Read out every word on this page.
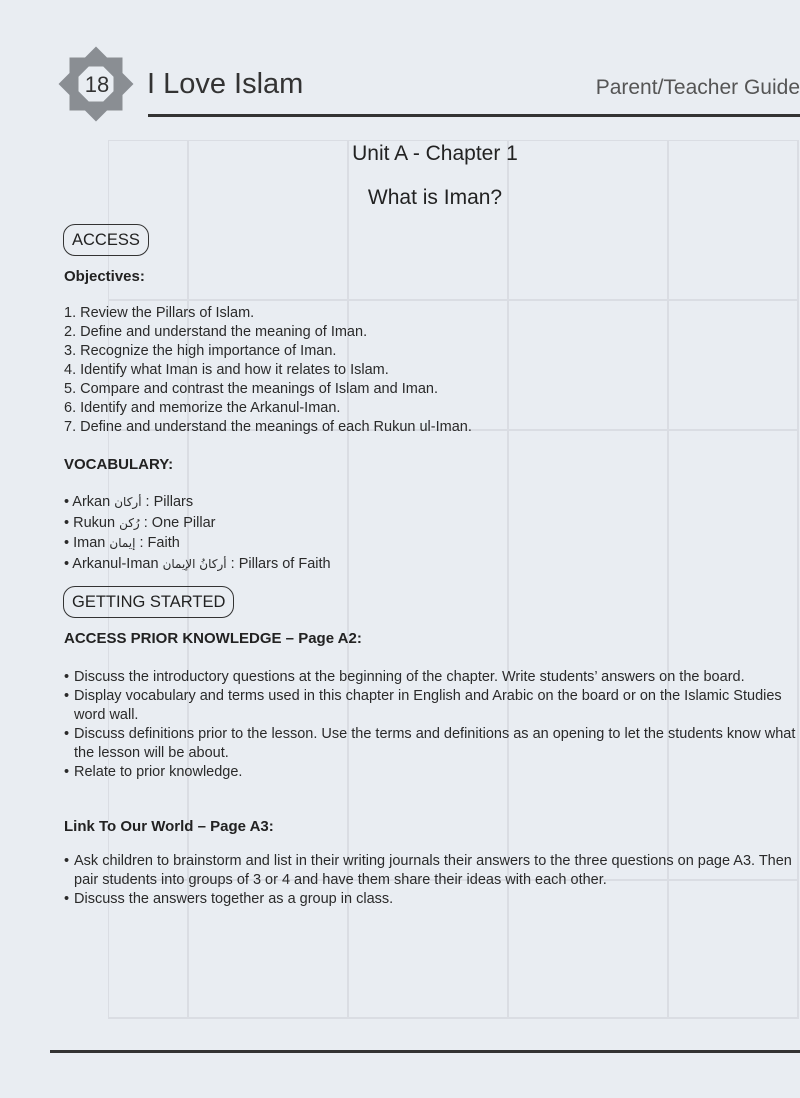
18	I Love Islam	Parent/Teacher Guide
Unit A - Chapter 1
What is Iman?
ACCESS
Objectives:
1. Review the Pillars of Islam.
2. Define and understand the meaning of Iman.
3. Recognize the high importance of Iman.
4. Identify what Iman is and how it relates to Islam.
5. Compare and contrast the meanings of Islam and Iman.
6. Identify and memorize the Arkanul-Iman.
7. Define and understand the meanings of each Rukun ul-Iman.
VOCABULARY:
• Arkan أركان : Pillars
• Rukun رُكن : One Pillar
• Iman إيمان : Faith
• Arkanul-Iman أركانُ الإيمان : Pillars of Faith
GETTING STARTED
ACCESS PRIOR KNOWLEDGE – Page A2:
• Discuss the introductory questions at the beginning of the chapter. Write students’ answers on the board.
• Display vocabulary and terms used in this chapter in English and Arabic on the board or on the Islamic Studies word wall.
• Discuss definitions prior to the lesson. Use the terms and definitions as an opening to let the students know what the lesson will be about.
• Relate to prior knowledge.
Link To Our World – Page A3:
• Ask children to brainstorm and list in their writing journals their answers to the three questions on page A3. Then pair students into groups of 3 or 4 and have them share their ideas with each other.
• Discuss the answers together as a group in class.
